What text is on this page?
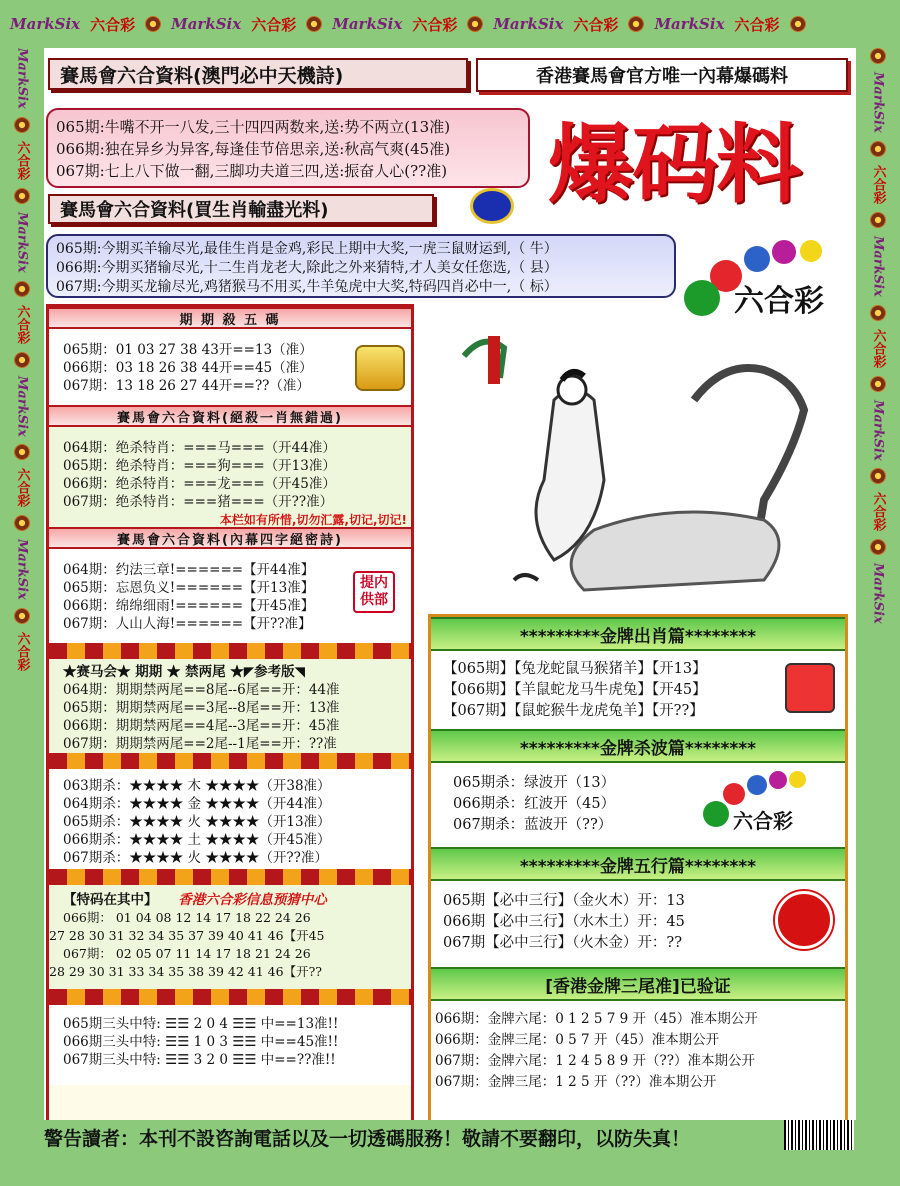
MarkSix 六合彩 MarkSix 六合彩 MarkSix 六合彩 MarkSix 六合彩 MarkSix 六合彩
MarkSix
六合彩
MarkSix
六合彩
MarkSix
六合彩
MarkSix
六合彩
MarkSix
六合彩
MarkSix
六合彩
MarkSix
六合彩
MarkSix
賽馬會六合資料(澳門必中天機詩)	香港賽馬會官方唯一內幕爆碼料
065期:牛嘴不开一八发,三十四四两数来,送:势不两立(13准)
066期:独在异乡为异客,每逢佳节倍思亲,送:秋高气爽(45准)
067期:七上八下做一翻,三脚功夫道三四,送:振奋人心(??准)	爆码料
賽馬會六合資料(買生肖輸盡光料)
065期:今期买羊输尽光,最佳生肖是金鸡,彩民上期中大奖,一虎三鼠财运到,（ 牛）
066期:今期买猪输尽光,十二生肖龙老大,除此之外来猜特,才人美女任您选,（ 县）
067期:今期买龙输尽光,鸡猪猴马不用买,牛羊兔虎中大奖,特码四肖必中一,（ 标）	六合彩
期 期 殺 五 碼
065期：01 03 27 38 43开==13（准）
066期：03 18 26 38 44开==45（准）
067期：13 18 26 27 44开==??（准）
賽馬會六合資料(絕殺一肖無錯過)
064期：绝杀特肖：===马===（开44准）
065期：绝杀特肖：===狗===（开13准）
066期：绝杀特肖：===龙===（开45准）
067期：绝杀特肖：===猪===（开??准）
本栏如有所惜,切勿汇露,切记,切记!
賽馬會六合資料(內幕四字絕密詩)
064期：约法三章!======【开44准】
065期：忘恩负义!======【开13准】
066期：绵绵细雨!======【开45准】
067期：人山人海!======【开??准】
提内供部
★赛马会★ 期期 ★ 禁两尾 ★◤参考版◥
064期：期期禁两尾==8尾--6尾==开：44准
065期：期期禁两尾==3尾--8尾==开：13准
066期：期期禁两尾==4尾--3尾==开：45准
067期：期期禁两尾==2尾--1尾==开：??准
063期杀：★★★★ 木 ★★★★（开38准）
064期杀：★★★★ 金 ★★★★（开44准）
065期杀：★★★★ 火 ★★★★（开13准）
066期杀：★★★★ 土 ★★★★（开45准）
067期杀：★★★★ 火 ★★★★（开??准）
【特码在其中】 香港六合彩信息预猜中心
066期： 01 04 08 12 14 17 18 22 24 26
27 28 30 31 32 34 35 37 39 40 41 46【开45
067期： 02 05 07 11 14 17 18 21 24 26
28 29 30 31 33 34 35 38 39 42 41 46【开??
065期三头中特: ☰☰ 2 0 4 ☰☰ 中==13准!!
066期三头中特: ☰☰ 1 0 3 ☰☰ 中==45准!!
067期三头中特: ☰☰ 3 2 0 ☰☰ 中==??准!!
*********金牌出肖篇********
【065期】【兔龙蛇鼠马猴猪羊】【开13】
【066期】【羊鼠蛇龙马牛虎兔】【开45】
【067期】【鼠蛇猴牛龙虎兔羊】【开??】
*********金牌杀波篇********
065期杀：绿波开（13）
066期杀：红波开（45）
067期杀：蓝波开（??）	六合彩
*********金牌五行篇********
065期【必中三行】（金火木）开：13
066期【必中三行】（水木土）开：45
067期【必中三行】（火木金）开：??
[香港金牌三尾准]已验证
066期：金牌六尾：0 1 2 5 7 9 开（45）准本期公开
066期：金牌三尾：0 5 7 开（45）准本期公开
067期：金牌六尾：1 2 4 5 8 9 开（??）准本期公开
067期：金牌三尾：1 2 5 开（??）准本期公开
警告讀者：本刊不設咨詢電話以及一切透碼服務！敬請不要翻印，以防失真！
